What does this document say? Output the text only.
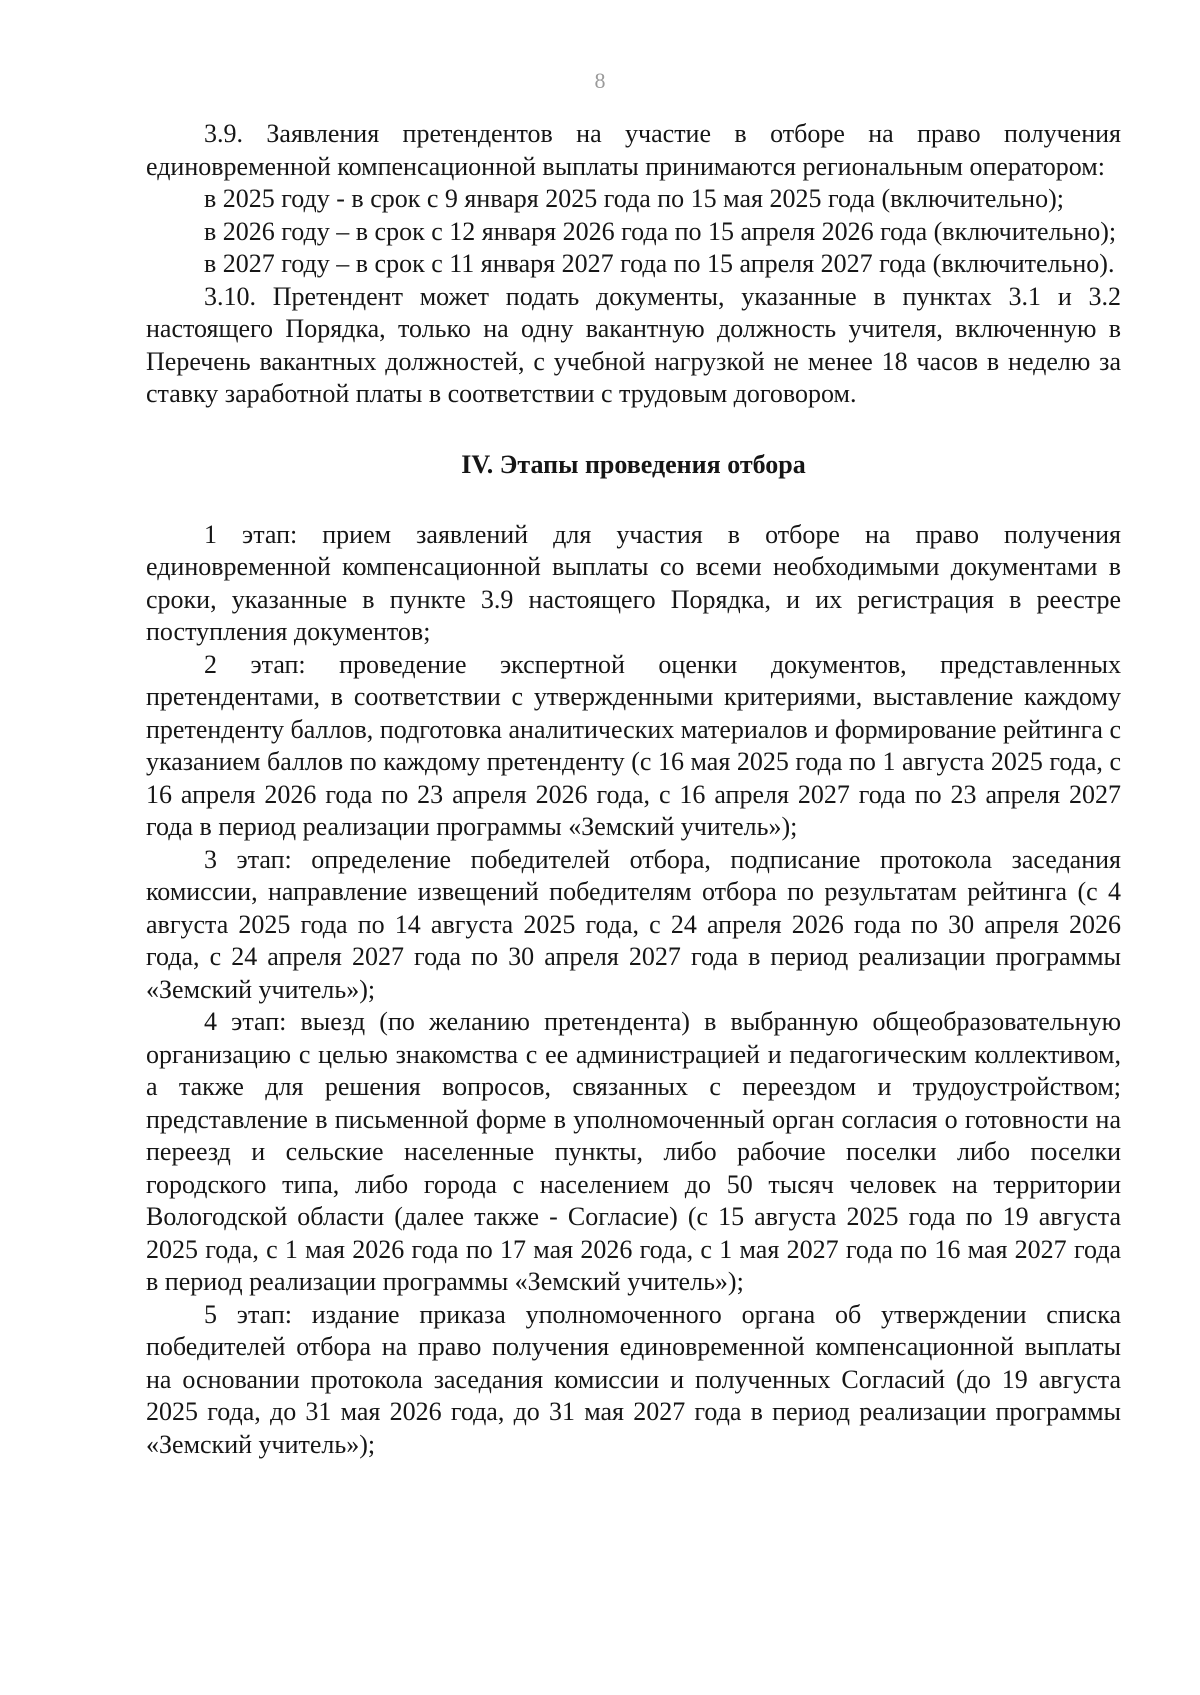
8

3.9. Заявления претендентов на участие в отборе на право получения единовременной компенсационной выплаты принимаются региональным оператором:

в 2025 году - в срок с 9 января 2025 года по 15 мая 2025 года (включительно);

в 2026 году – в срок с 12 января 2026 года по 15 апреля 2026 года (включительно);

в 2027 году – в срок с 11 января 2027 года по 15 апреля 2027 года (включительно).

3.10. Претендент может подать документы, указанные в пунктах 3.1 и 3.2 настоящего Порядка, только на одну вакантную должность учителя, включенную в Перечень вакантных должностей, с учебной нагрузкой не менее 18 часов в неделю за ставку заработной платы в соответствии с трудовым договором.

IV. Этапы проведения отбора

1 этап: прием заявлений для участия в отборе на право получения единовременной компенсационной выплаты со всеми необходимыми документами в сроки, указанные в пункте 3.9 настоящего Порядка, и их регистрация в реестре поступления документов;

2 этап: проведение экспертной оценки документов, представленных претендентами, в соответствии с утвержденными критериями, выставление каждому претенденту баллов, подготовка аналитических материалов и формирование рейтинга с указанием баллов по каждому претенденту (с 16 мая 2025 года по 1 августа 2025 года, с 16 апреля 2026 года по 23 апреля 2026 года, с 16 апреля 2027 года по 23 апреля 2027 года в период реализации программы «Земский учитель»);

3 этап: определение победителей отбора, подписание протокола заседания комиссии, направление извещений победителям отбора по результатам рейтинга (с 4 августа 2025 года по 14 августа 2025 года, с 24 апреля 2026 года по 30 апреля 2026 года, с 24 апреля 2027 года по 30 апреля 2027 года в период реализации программы «Земский учитель»);

4 этап: выезд (по желанию претендента) в выбранную общеобразовательную организацию с целью знакомства с ее администрацией и педагогическим коллективом, а также для решения вопросов, связанных с переездом и трудоустройством; представление в письменной форме в уполномоченный орган согласия о готовности на переезд и сельские населенные пункты, либо рабочие поселки либо поселки городского типа, либо города с населением до 50 тысяч человек на территории Вологодской области (далее также - Согласие) (с 15 августа 2025 года по 19 августа 2025 года, с 1 мая 2026 года по 17 мая 2026 года, с 1 мая 2027 года по 16 мая 2027 года в период реализации программы «Земский учитель»);

5 этап: издание приказа уполномоченного органа об утверждении списка победителей отбора на право получения единовременной компенсационной выплаты на основании протокола заседания комиссии и полученных Согласий (до 19 августа 2025 года, до 31 мая 2026 года, до 31 мая 2027 года в период реализации программы «Земский учитель»);
